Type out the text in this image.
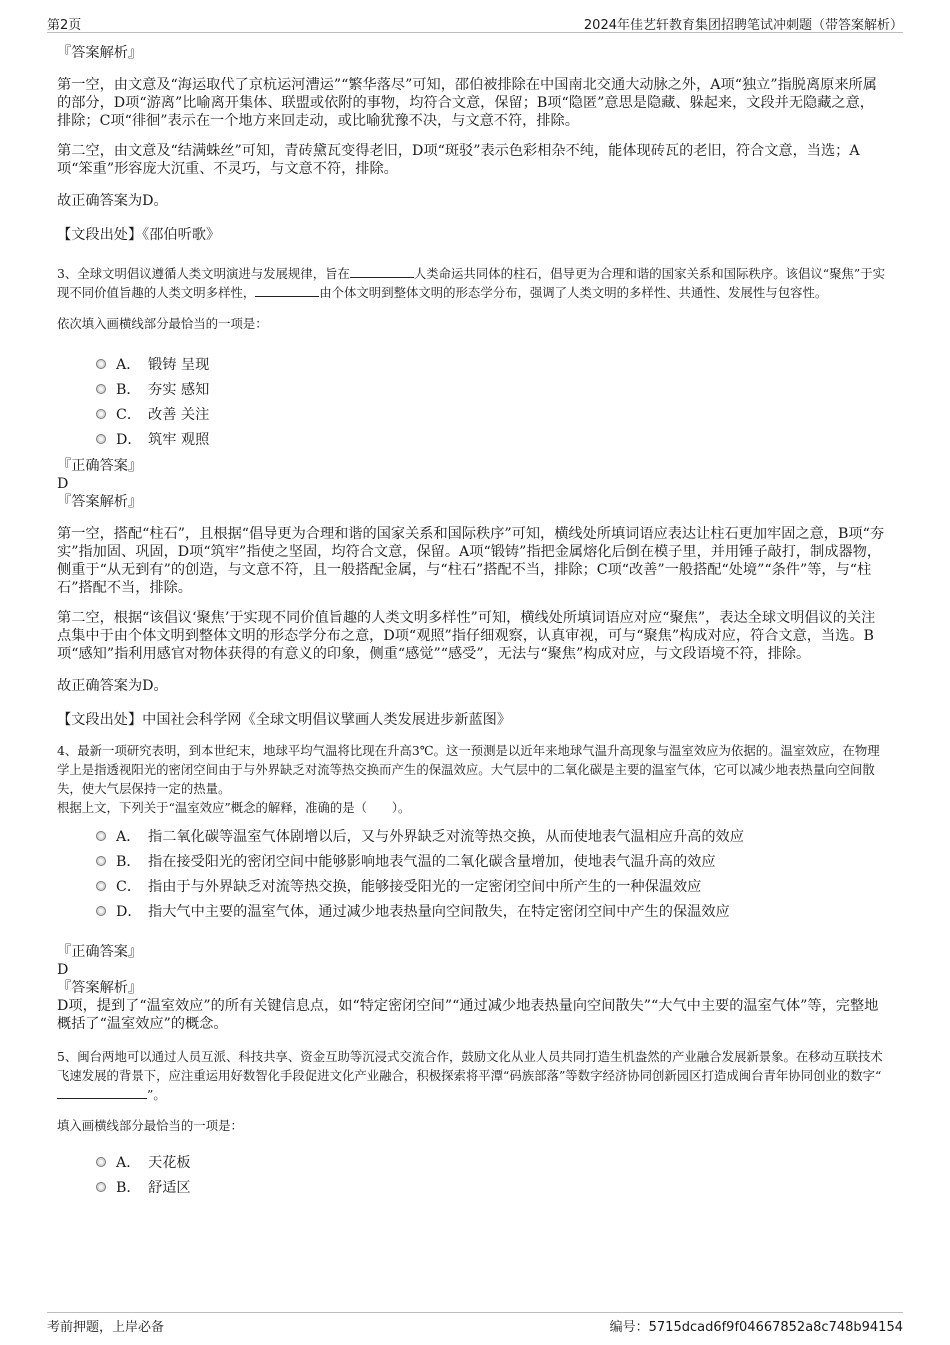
第2页	2024年佳艺轩教育集团招聘笔试冲刺题（带答案解析）

『答案解析』

第一空，由文意及“海运取代了京杭运河漕运”“繁华落尽”可知，邵伯被排除在中国南北交通大动脉之外，A项“独立”指脱离原来所属的部分，D项“游离”比喻离开集体、联盟或依附的事物，均符合文意，保留；B项“隐匿”意思是隐藏、躲起来，文段并无隐藏之意，排除；C项“徘徊”表示在一个地方来回走动，或比喻犹豫不决，与文意不符，排除。

第二空，由文意及“结满蛛丝”可知，青砖黛瓦变得老旧，D项“斑驳”表示色彩相杂不纯，能体现砖瓦的老旧，符合文意，当选；A项“笨重”形容庞大沉重、不灵巧，与文意不符，排除。

故正确答案为D。

【文段出处】《邵伯听歌》

3、全球文明倡议遵循人类文明演进与发展规律，旨在	人类命运共同体的柱石，倡导更为合理和谐的国家关系和国际秩序。该倡议“聚焦”于实现不同价值旨趣的人类文明多样性，	由个体文明到整体文明的形态学分布，强调了人类文明的多样性、共通性、发展性与包容性。

依次填入画横线部分最恰当的一项是：

A． 锻铸 呈现
B． 夯实 感知
C． 改善 关注
D． 筑牢 观照

『正确答案』

D

『答案解析』

第一空，搭配“柱石”，且根据“倡导更为合理和谐的国家关系和国际秩序”可知，横线处所填词语应表达让柱石更加牢固之意，B项“夯实”指加固、巩固，D项“筑牢”指使之坚固，均符合文意，保留。A项“锻铸”指把金属熔化后倒在模子里，并用锤子敲打，制成器物，侧重于“从无到有”的创造，与文意不符，且一般搭配金属，与“柱石”搭配不当，排除；C项“改善”一般搭配“处境”“条件”等，与“柱石”搭配不当，排除。

第二空，根据“该倡议‘聚焦’于实现不同价值旨趣的人类文明多样性”可知，横线处所填词语应对应“聚焦”，表达全球文明倡议的关注点集中于由个体文明到整体文明的形态学分布之意，D项“观照”指仔细观察，认真审视，可与“聚焦”构成对应，符合文意，当选。B项“感知”指利用感官对物体获得的有意义的印象，侧重“感觉”“感受”，无法与“聚焦”构成对应，与文段语境不符，排除。

故正确答案为D。

【文段出处】中国社会科学网《全球文明倡议擘画人类发展进步新蓝图》

4、最新一项研究表明，到本世纪末，地球平均气温将比现在升高3℃。这一预测是以近年来地球气温升高现象与温室效应为依据的。温室效应，在物理学上是指透视阳光的密闭空间由于与外界缺乏对流等热交换而产生的保温效应。大气层中的二氧化碳是主要的温室气体，它可以减少地表热量向空间散失，使大气层保持一定的热量。

根据上文，下列关于“温室效应”概念的解释，准确的是（　　）。

A． 指二氧化碳等温室气体剧增以后，又与外界缺乏对流等热交换，从而使地表气温相应升高的效应
B． 指在接受阳光的密闭空间中能够影响地表气温的二氧化碳含量增加，使地表气温升高的效应
C． 指由于与外界缺乏对流等热交换，能够接受阳光的一定密闭空间中所产生的一种保温效应
D． 指大气中主要的温室气体，通过减少地表热量向空间散失，在特定密闭空间中产生的保温效应

『正确答案』

D

『答案解析』

D项，提到了“温室效应”的所有关键信息点，如“特定密闭空间”“通过减少地表热量向空间散失”“大气中主要的温室气体”等，完整地概括了“温室效应”的概念。

5、闽台两地可以通过人员互派、科技共享、资金互助等沉浸式交流合作，鼓励文化从业人员共同打造生机盎然的产业融合发展新景象。在移动互联技术飞速发展的背景下，应注重运用好数智化手段促进文化产业融合，积极探索将平潭“码族部落”等数字经济协同创新园区打造成闽台青年协同创业的数字“”。

填入画横线部分最恰当的一项是：

A． 天花板
B． 舒适区
考前押题，上岸必备	编号：5715dcad6f9f04667852a8c748b94154
